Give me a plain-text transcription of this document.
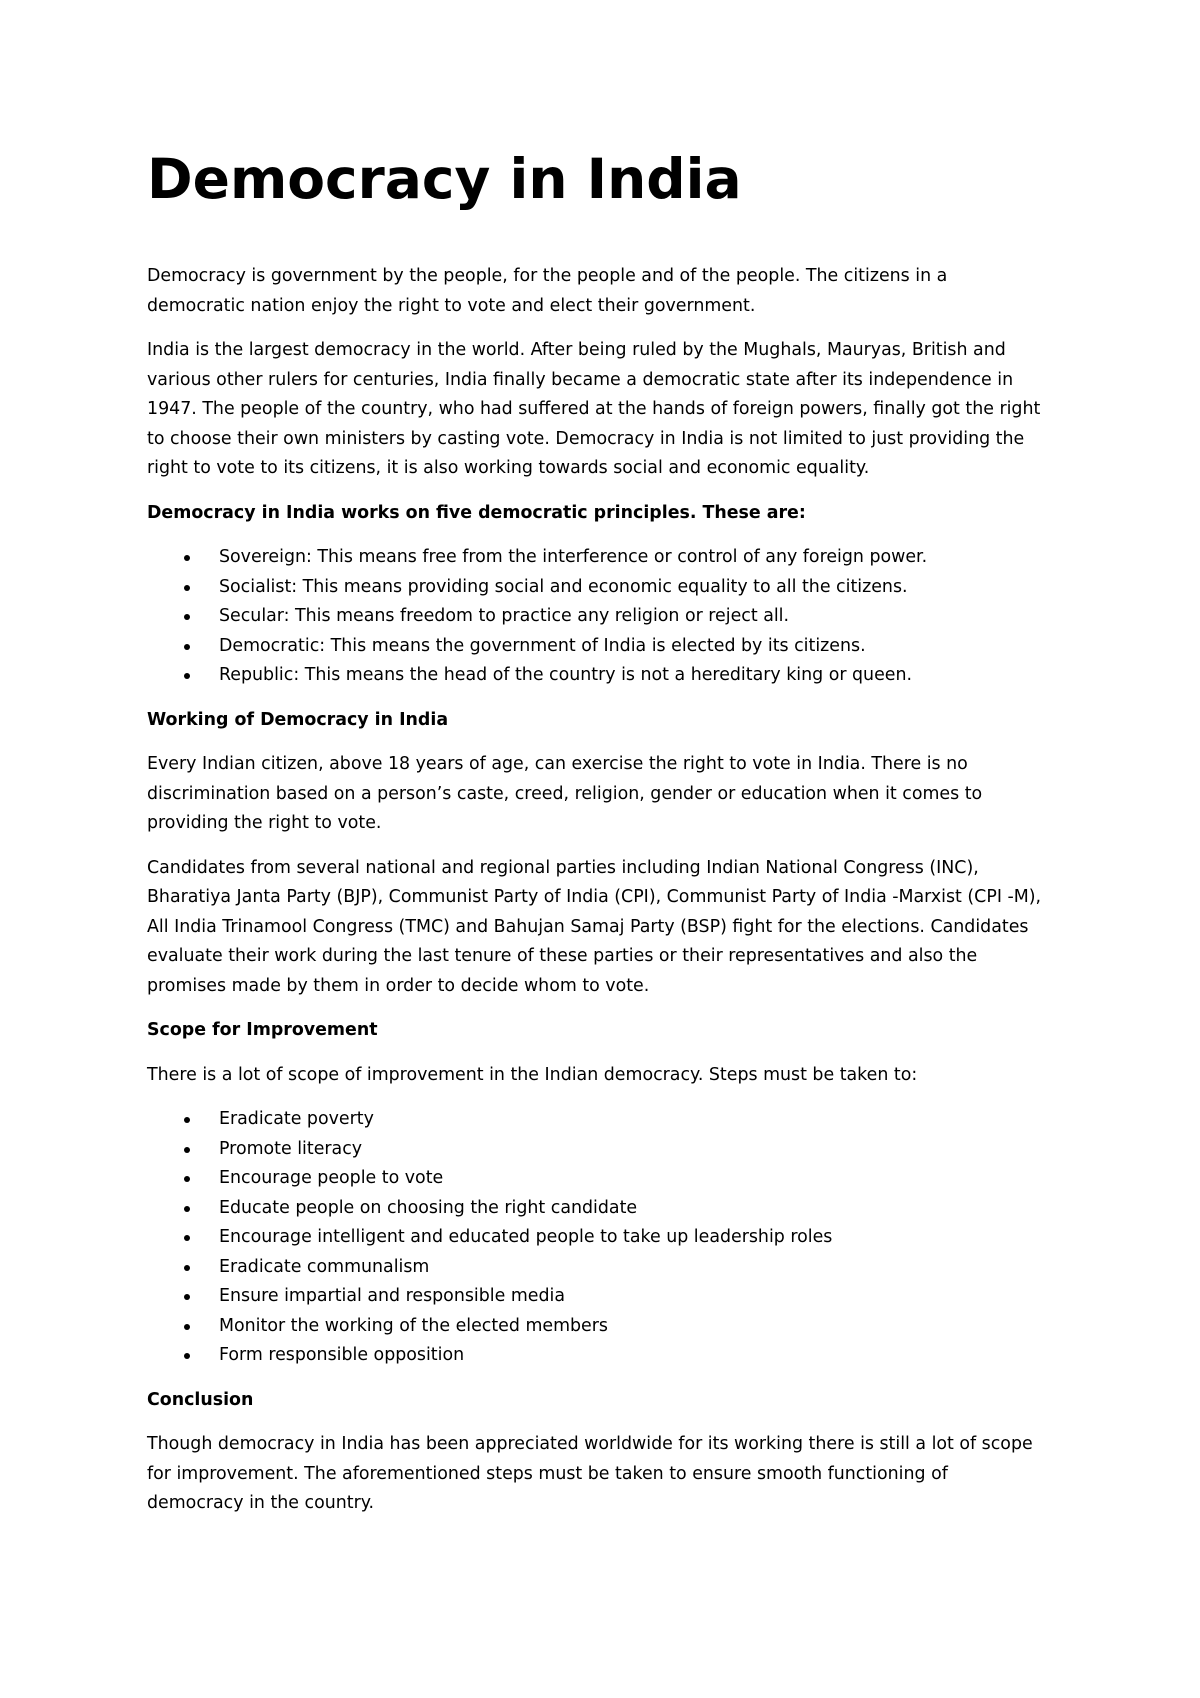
Democracy in India

Democracy is government by the people, for the people and of the people. The citizens in a democratic nation enjoy the right to vote and elect their government.

India is the largest democracy in the world. After being ruled by the Mughals, Mauryas, British and various other rulers for centuries, India finally became a democratic state after its independence in 1947. The people of the country, who had suffered at the hands of foreign powers, finally got the right to choose their own ministers by casting vote. Democracy in India is not limited to just providing the right to vote to its citizens, it is also working towards social and economic equality.

Democracy in India works on five democratic principles. These are:
Sovereign: This means free from the interference or control of any foreign power.
Socialist: This means providing social and economic equality to all the citizens.
Secular: This means freedom to practice any religion or reject all.
Democratic: This means the government of India is elected by its citizens.
Republic: This means the head of the country is not a hereditary king or queen.
Working of Democracy in India

Every Indian citizen, above 18 years of age, can exercise the right to vote in India. There is no discrimination based on a person’s caste, creed, religion, gender or education when it comes to providing the right to vote.

Candidates from several national and regional parties including Indian National Congress (INC), Bharatiya Janta Party (BJP), Communist Party of India (CPI), Communist Party of India -Marxist (CPI -M), All India Trinamool Congress (TMC) and Bahujan Samaj Party (BSP) fight for the elections. Candidates evaluate their work during the last tenure of these parties or their representatives and also the promises made by them in order to decide whom to vote.

Scope for Improvement

There is a lot of scope of improvement in the Indian democracy. Steps must be taken to:

Eradicate poverty
Promote literacy
Encourage people to vote
Educate people on choosing the right candidate
Encourage intelligent and educated people to take up leadership roles
Eradicate communalism
Ensure impartial and responsible media
Monitor the working of the elected members
Form responsible opposition
Conclusion

Though democracy in India has been appreciated worldwide for its working there is still a lot of scope for improvement. The aforementioned steps must be taken to ensure smooth functioning of democracy in the country.
